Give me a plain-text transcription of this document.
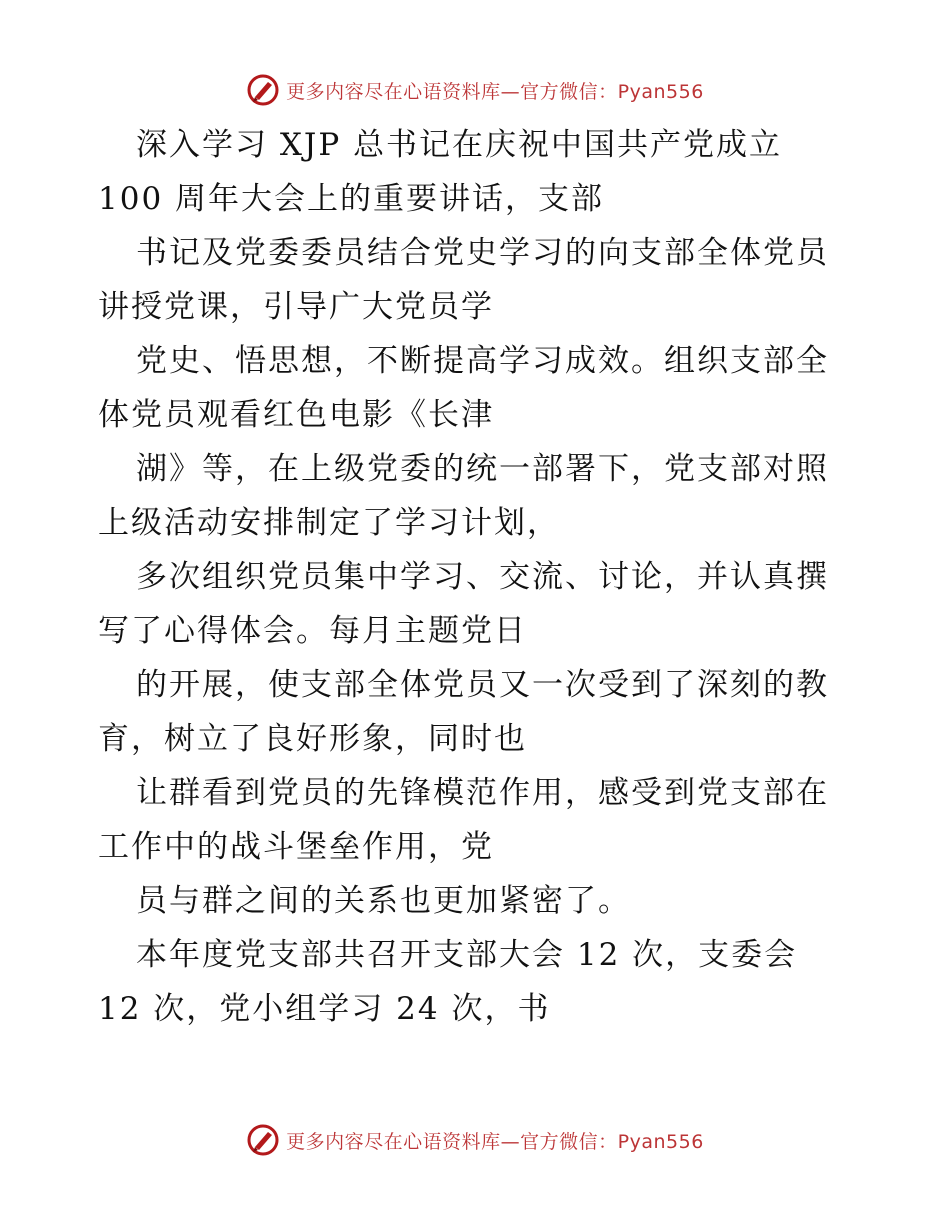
更多内容尽在心语资料库—官方微信：Pyan556
深入学习 XJP 总书记在庆祝中国共产党成立
100 周年大会上的重要讲话，支部
书记及党委委员结合党史学习的向支部全体党员
讲授党课，引导广大党员学
党史、悟思想，不断提高学习成效。组织支部全
体党员观看红色电影《长津
湖》等，在上级党委的统一部署下，党支部对照
上级活动安排制定了学习计划，
多次组织党员集中学习、交流、讨论，并认真撰
写了心得体会。每月主题党日
的开展，使支部全体党员又一次受到了深刻的教
育，树立了良好形象，同时也
让群看到党员的先锋模范作用，感受到党支部在
工作中的战斗堡垒作用，党
员与群之间的关系也更加紧密了。
本年度党支部共召开支部大会 12 次，支委会
12 次，党小组学习 24 次，书
更多内容尽在心语资料库—官方微信：Pyan556
